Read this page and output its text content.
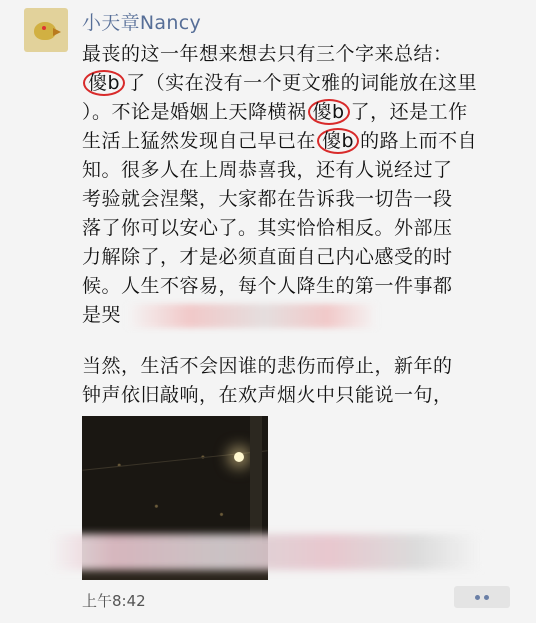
小天章Nancy

最丧的这一年想来想去只有三个字来总结：

傻b 了（实在没有一个更文雅的词能放在这里

）。不论是婚姻上天降横祸 傻b 了，还是工作

生活上猛然发现自己早已在 傻b 的路上而不自

知。很多人在上周恭喜我，还有人说经过了

考验就会涅槃，大家都在告诉我一切告一段

落了你可以安心了。其实恰恰相反。外部压

力解除了，才是必须直面自己内心感受的时

候。人生不容易，每个人降生的第一件事都

是哭

当然，生活不会因谁的悲伤而停止，新年的

钟声依旧敲响，在欢声烟火中只能说一句，

上午8:42
